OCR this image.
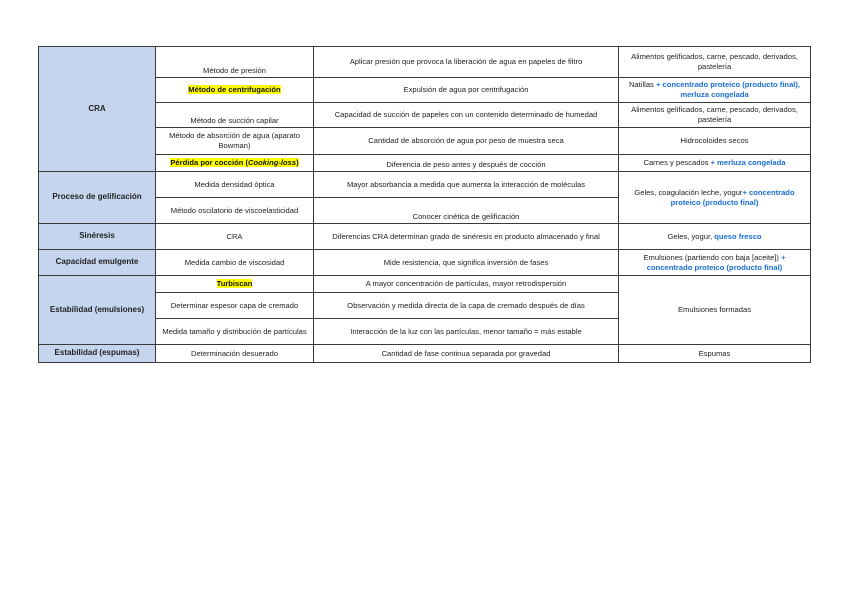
CRA	Método de presión	Aplicar presión que provoca la liberación de agua en papeles de filtro	Alimentos gelificados, carne, pescado, derivados, pastelería
	Método de centrifugación	Expulsión de agua por centrifugación	Natillas + concentrado proteico (producto final), merluza congelada
	Método de succión capilar	Capacidad de succión de papeles con un contenido determinado de humedad	Alimentos gelificados, carne, pescado, derivados, pastelería
	Método de absorción de agua (aparato Bowman)	Cantidad de absorción de agua por peso de muestra seca	Hidrocoloides secos
	Pérdida por cocción (Cooking-loss)	Diferencia de peso antes y después de cocción	Carnes y pescados + merluza congelada
Proceso de gelificación	Medida densidad óptica	Mayor absorbancia a medida que aumenta la interacción de moléculas	Geles, coagulación leche, yogur+ concentrado proteico (producto final)
	Método oscilatorio de viscoelasticidad	Conocer cinética de gelificación	
Sinéresis	CRA	Diferencias CRA determinan grado de sinéresis en producto almacenado y final	Geles, yogur, queso fresco
Capacidad emulgente	Medida cambio de viscosidad	Mide resistencia, que significa inversión de fases	Emulsiones (partiendo con baja [aceite]) + concentrado proteico (producto final)
Estabilidad (emulsiones)	Turbiscan	A mayor concentración de partículas, mayor retrodispersión	Emulsiones formadas
	Determinar espesor capa de cremado	Observación y medida directa de la capa de cremado después de días	
	Medida tamaño y distribución de partículas	Interacción de la luz con las partículas, menor tamaño = más estable	
Estabilidad (espumas)	Determinación desuerado	Cantidad de fase continua separada por gravedad	Espumas
